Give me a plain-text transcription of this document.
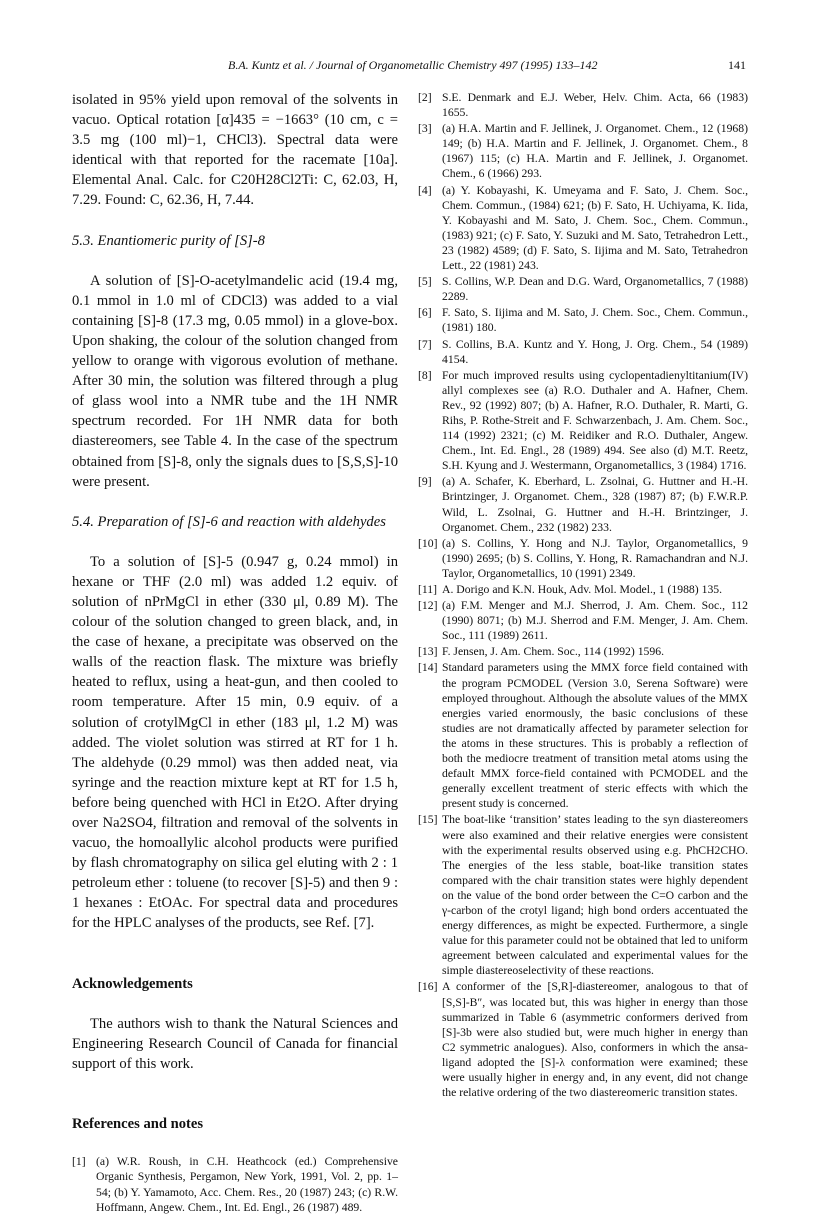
B.A. Kuntz et al. / Journal of Organometallic Chemistry 497 (1995) 133–142	141

isolated in 95% yield upon removal of the solvents in vacuo. Optical rotation [α]435 = −1663° (10 cm, c = 3.5 mg (100 ml)−1, CHCl3). Spectral data were identical with that reported for the racemate [10a]. Elemental Anal. Calc. for C20H28Cl2Ti: C, 62.03, H, 7.29. Found: C, 62.36, H, 7.44.

5.3. Enantiomeric purity of [S]-8

A solution of [S]-O-acetylmandelic acid (19.4 mg, 0.1 mmol in 1.0 ml of CDCl3) was added to a vial containing [S]-8 (17.3 mg, 0.05 mmol) in a glove-box. Upon shaking, the colour of the solution changed from yellow to orange with vigorous evolution of methane. After 30 min, the solution was filtered through a plug of glass wool into a NMR tube and the 1H NMR spectrum recorded. For 1H NMR data for both diastereomers, see Table 4. In the case of the spectrum obtained from [S]-8, only the signals dues to [S,S,S]-10 were present.

5.4. Preparation of [S]-6 and reaction with aldehydes

To a solution of [S]-5 (0.947 g, 0.24 mmol) in hexane or THF (2.0 ml) was added 1.2 equiv. of solution of nPrMgCl in ether (330 μl, 0.89 M). The colour of the solution changed to green black, and, in the case of hexane, a precipitate was observed on the walls of the reaction flask. The mixture was briefly heated to reflux, using a heat-gun, and then cooled to room temperature. After 15 min, 0.9 equiv. of a solution of crotylMgCl in ether (183 μl, 1.2 M) was added. The violet solution was stirred at RT for 1 h. The aldehyde (0.29 mmol) was then added neat, via syringe and the reaction mixture kept at RT for 1.5 h, before being quenched with HCl in Et2O. After drying over Na2SO4, filtration and removal of the solvents in vacuo, the homoallylic alcohol products were purified by flash chromatography on silica gel eluting with 2 : 1 petroleum ether : toluene (to recover [S]-5) and then 9 : 1 hexanes : EtOAc. For spectral data and procedures for the HPLC analyses of the products, see Ref. [7].

Acknowledgements

The authors wish to thank the Natural Sciences and Engineering Research Council of Canada for financial support of this work.

References and notes
[1] (a) W.R. Roush, in C.H. Heathcock (ed.) Comprehensive Organic Synthesis, Pergamon, New York, 1991, Vol. 2, pp. 1–54; (b) Y. Yamamoto, Acc. Chem. Res., 20 (1987) 243; (c) R.W. Hoffmann, Angew. Chem., Int. Ed. Engl., 26 (1987) 489.
[2] S.E. Denmark and E.J. Weber, Helv. Chim. Acta, 66 (1983) 1655.
[3] (a) H.A. Martin and F. Jellinek, J. Organomet. Chem., 12 (1968) 149; (b) H.A. Martin and F. Jellinek, J. Organomet. Chem., 8 (1967) 115; (c) H.A. Martin and F. Jellinek, J. Organomet. Chem., 6 (1966) 293.
[4] (a) Y. Kobayashi, K. Umeyama and F. Sato, J. Chem. Soc., Chem. Commun., (1984) 621; (b) F. Sato, H. Uchiyama, K. Iida, Y. Kobayashi and M. Sato, J. Chem. Soc., Chem. Commun., (1983) 921; (c) F. Sato, Y. Suzuki and M. Sato, Tetrahedron Lett., 23 (1982) 4589; (d) F. Sato, S. Iijima and M. Sato, Tetrahedron Lett., 22 (1981) 243.
[5] S. Collins, W.P. Dean and D.G. Ward, Organometallics, 7 (1988) 2289.
[6] F. Sato, S. Iijima and M. Sato, J. Chem. Soc., Chem. Commun., (1981) 180.
[7] S. Collins, B.A. Kuntz and Y. Hong, J. Org. Chem., 54 (1989) 4154.
[8] For much improved results using cyclopentadienyltitanium(IV) allyl complexes see (a) R.O. Duthaler and A. Hafner, Chem. Rev., 92 (1992) 807; (b) A. Hafner, R.O. Duthaler, R. Marti, G. Rihs, P. Rothe-Streit and F. Schwarzenbach, J. Am. Chem. Soc., 114 (1992) 2321; (c) M. Reidiker and R.O. Duthaler, Angew. Chem., Int. Ed. Engl., 28 (1989) 494. See also (d) M.T. Reetz, S.H. Kyung and J. Westermann, Organometallics, 3 (1984) 1716.
[9] (a) A. Schafer, K. Eberhard, L. Zsolnai, G. Huttner and H.-H. Brintzinger, J. Organomet. Chem., 328 (1987) 87; (b) F.W.R.P. Wild, L. Zsolnai, G. Huttner and H.-H. Brintzinger, J. Organomet. Chem., 232 (1982) 233.
[10] (a) S. Collins, Y. Hong and N.J. Taylor, Organometallics, 9 (1990) 2695; (b) S. Collins, Y. Hong, R. Ramachandran and N.J. Taylor, Organometallics, 10 (1991) 2349.
[11] A. Dorigo and K.N. Houk, Adv. Mol. Model., 1 (1988) 135.
[12] (a) F.M. Menger and M.J. Sherrod, J. Am. Chem. Soc., 112 (1990) 8071; (b) M.J. Sherrod and F.M. Menger, J. Am. Chem. Soc., 111 (1989) 2611.
[13] F. Jensen, J. Am. Chem. Soc., 114 (1992) 1596.
[14] Standard parameters using the MMX force field contained with the program PCMODEL (Version 3.0, Serena Software) were employed throughout. Although the absolute values of the MMX energies varied enormously, the basic conclusions of these studies are not dramatically affected by parameter selection for the atoms in these structures. This is probably a reflection of both the mediocre treatment of transition metal atoms using the default MMX force-field contained with PCMODEL and the generally excellent treatment of steric effects with which the present study is concerned.
[15] The boat-like ‘transition’ states leading to the syn diastereomers were also examined and their relative energies were consistent with the experimental results observed using e.g. PhCH2CHO. The energies of the less stable, boat-like transition states compared with the chair transition states were highly dependent on the value of the bond order between the C=O carbon and the γ-carbon of the crotyl ligand; high bond orders accentuated the energy differences, as might be expected. Furthermore, a single value for this parameter could not be obtained that led to uniform agreement between calculated and experimental values for the simple diastereoselectivity of these reactions.
[16] A conformer of the [S,R]-diastereomer, analogous to that of [S,S]-B″, was located but, this was higher in energy than those summarized in Table 6 (asymmetric conformers derived from [S]-3b were also studied but, were much higher in energy than C2 symmetric analogues). Also, conformers in which the ansa-ligand adopted the [S]-λ conformation were examined; these were usually higher in energy and, in any event, did not change the relative ordering of the two diastereomeric transition states.
